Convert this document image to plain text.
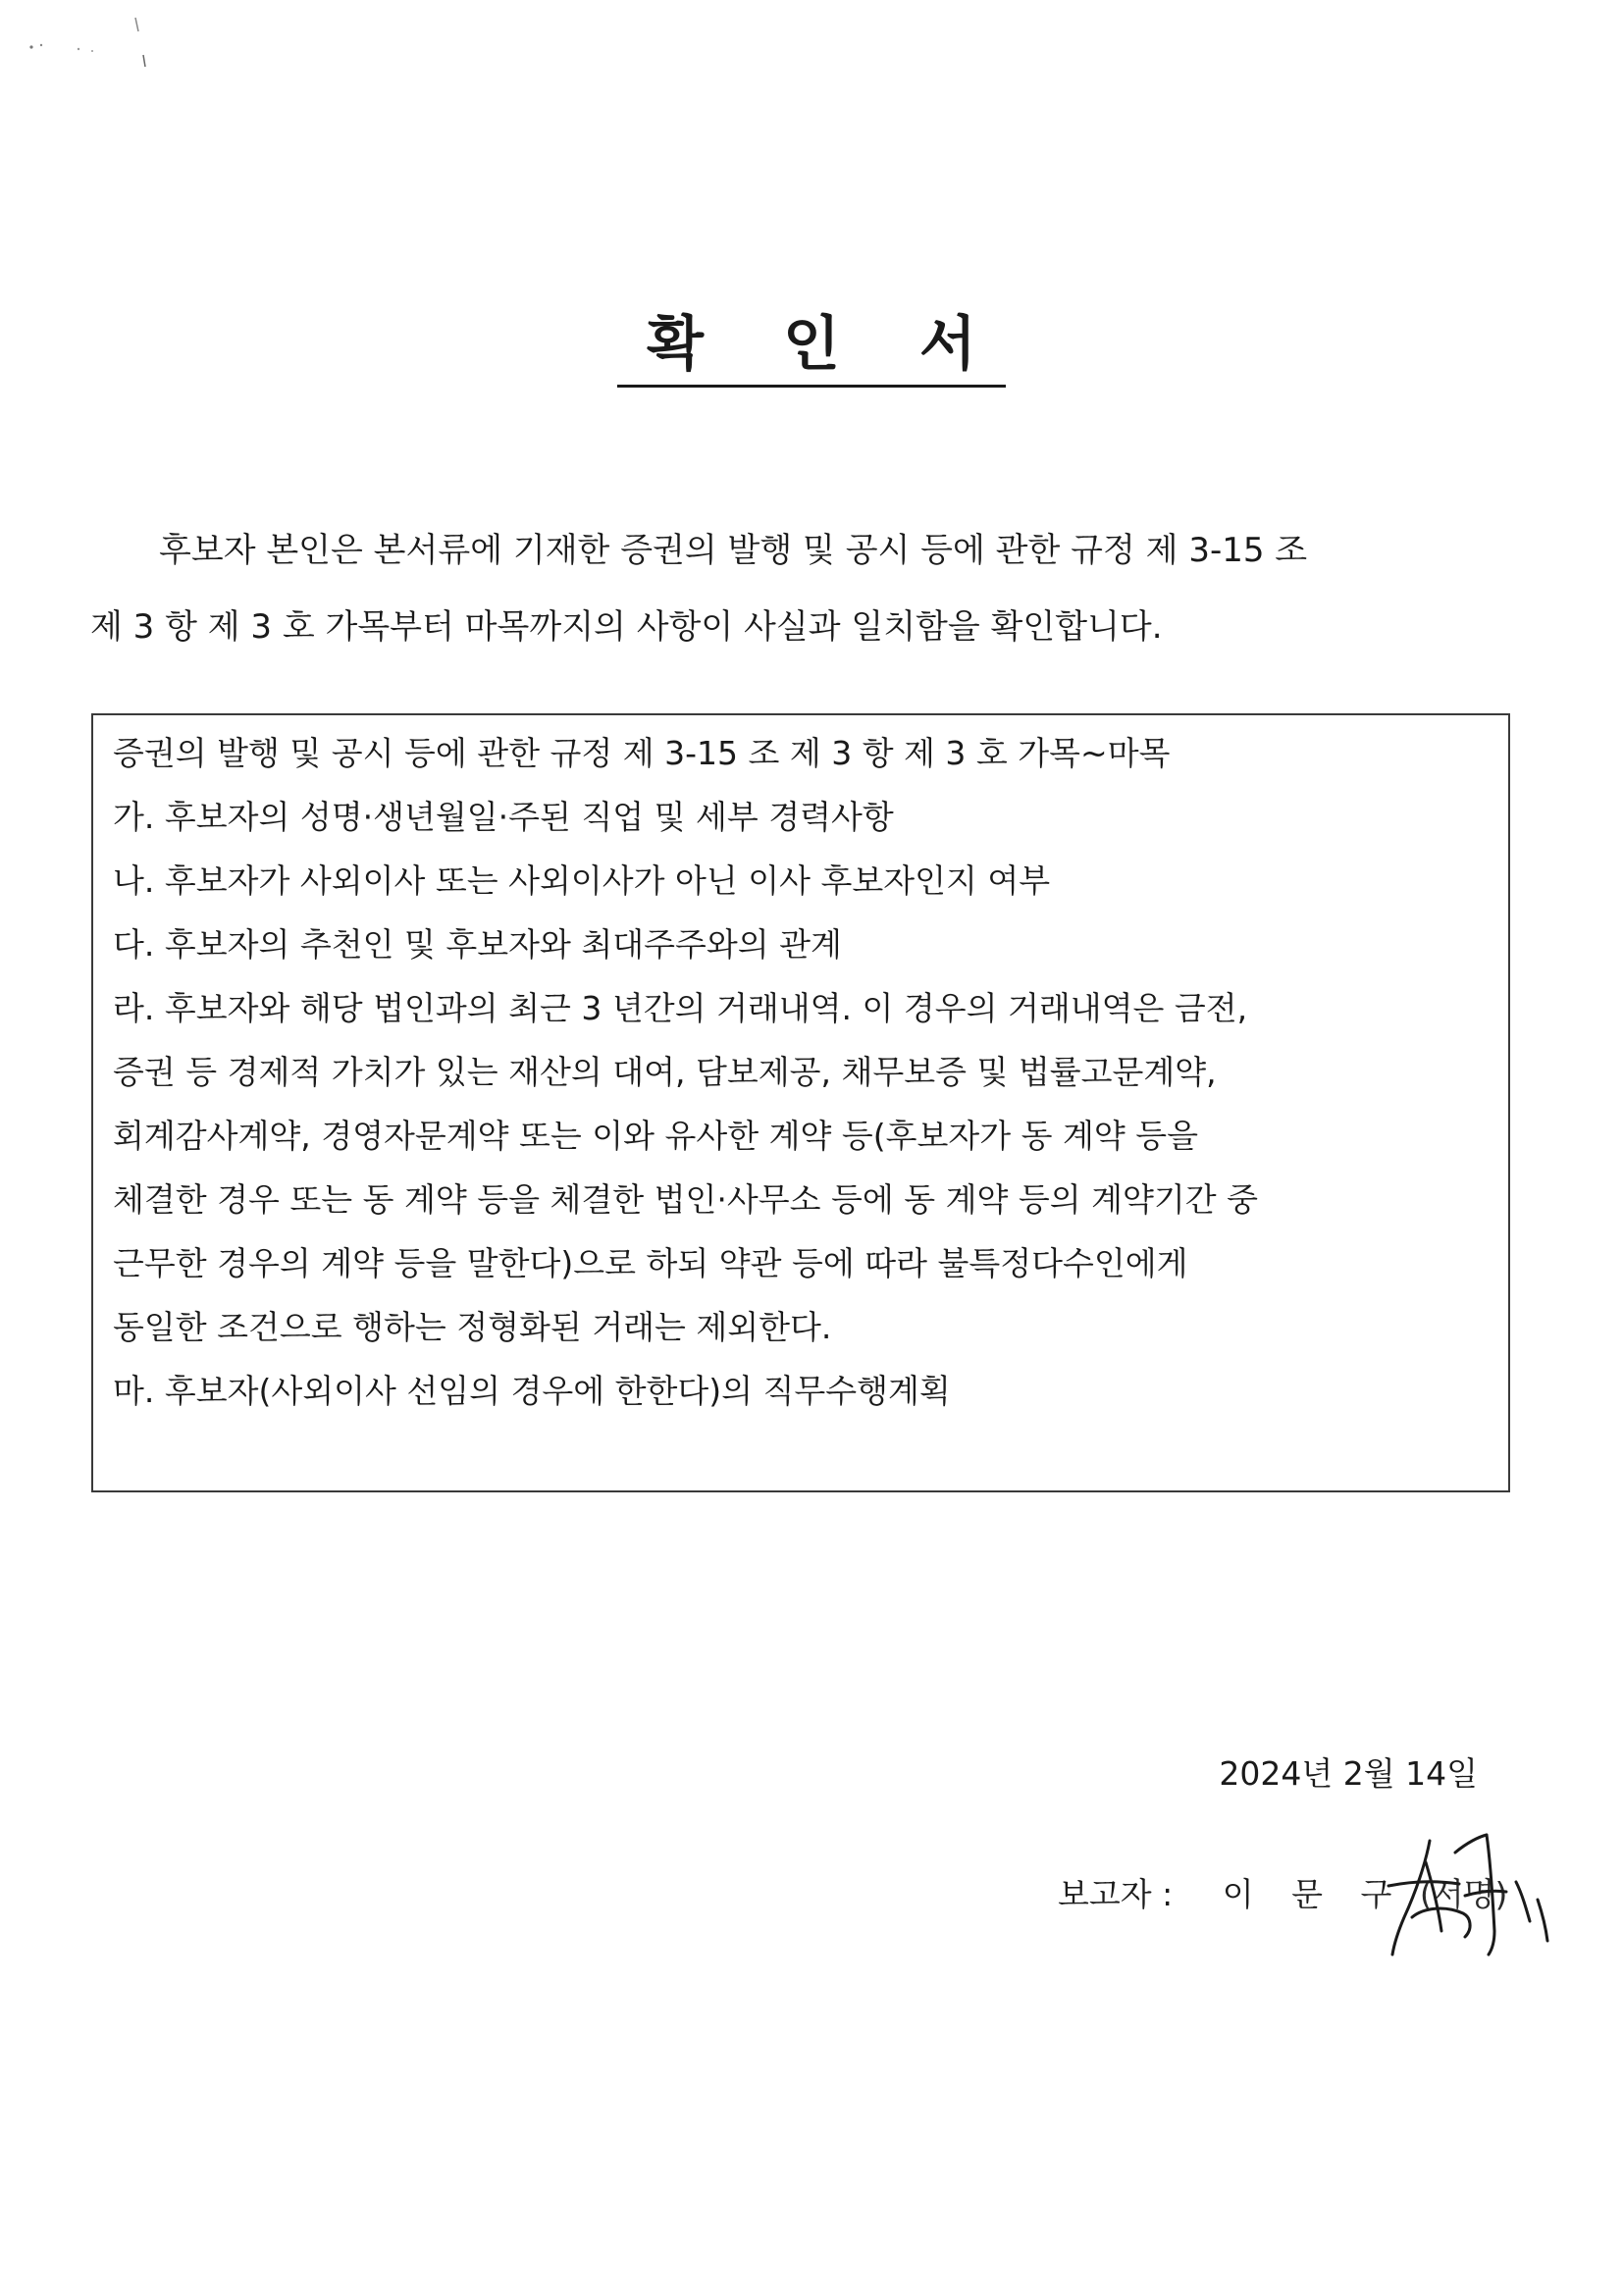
확 인 서

후보자 본인은 본서류에 기재한 증권의 발행 및 공시 등에 관한 규정 제 3-15 조
제 3 항 제 3 호 가목부터 마목까지의 사항이 사실과 일치함을 확인합니다.

증권의 발행 및 공시 등에 관한 규정 제 3-15 조 제 3 항 제 3 호 가목~마목
가. 후보자의 성명·생년월일·주된 직업 및 세부 경력사항
나. 후보자가 사외이사 또는 사외이사가 아닌 이사 후보자인지 여부
다. 후보자의 추천인 및 후보자와 최대주주와의 관계
라. 후보자와 해당 법인과의 최근 3 년간의 거래내역. 이 경우의 거래내역은 금전,
증권 등 경제적 가치가 있는 재산의 대여, 담보제공, 채무보증 및 법률고문계약,
회계감사계약, 경영자문계약 또는 이와 유사한 계약 등(후보자가 동 계약 등을
체결한 경우 또는 동 계약 등을 체결한 법인·사무소 등에 동 계약 등의 계약기간 중
근무한 경우의 계약 등을 말한다)으로 하되 약관 등에 따라 불특정다수인에게
동일한 조건으로 행하는 정형화된 거래는 제외한다.
마. 후보자(사외이사 선임의 경우에 한한다)의 직무수행계획

2024년 2월 14일

보고자 : 이 문 구 (서명)
